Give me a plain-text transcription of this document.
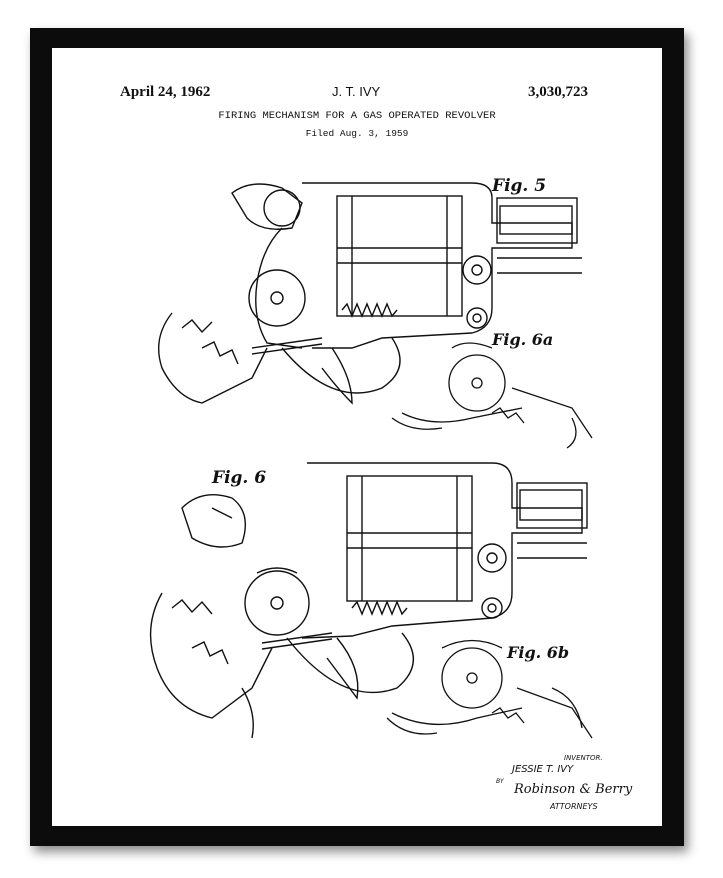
April 24, 1962	J. T. IVY	3,030,723
FIRING MECHANISM FOR A GAS OPERATED REVOLVER
Filed Aug. 3, 1959
Fig. 5
Fig. 6a
Fig. 6
Fig. 6b
INVENTOR.
JESSIE T. IVY
BY
Robinson & Berry
ATTORNEYS
